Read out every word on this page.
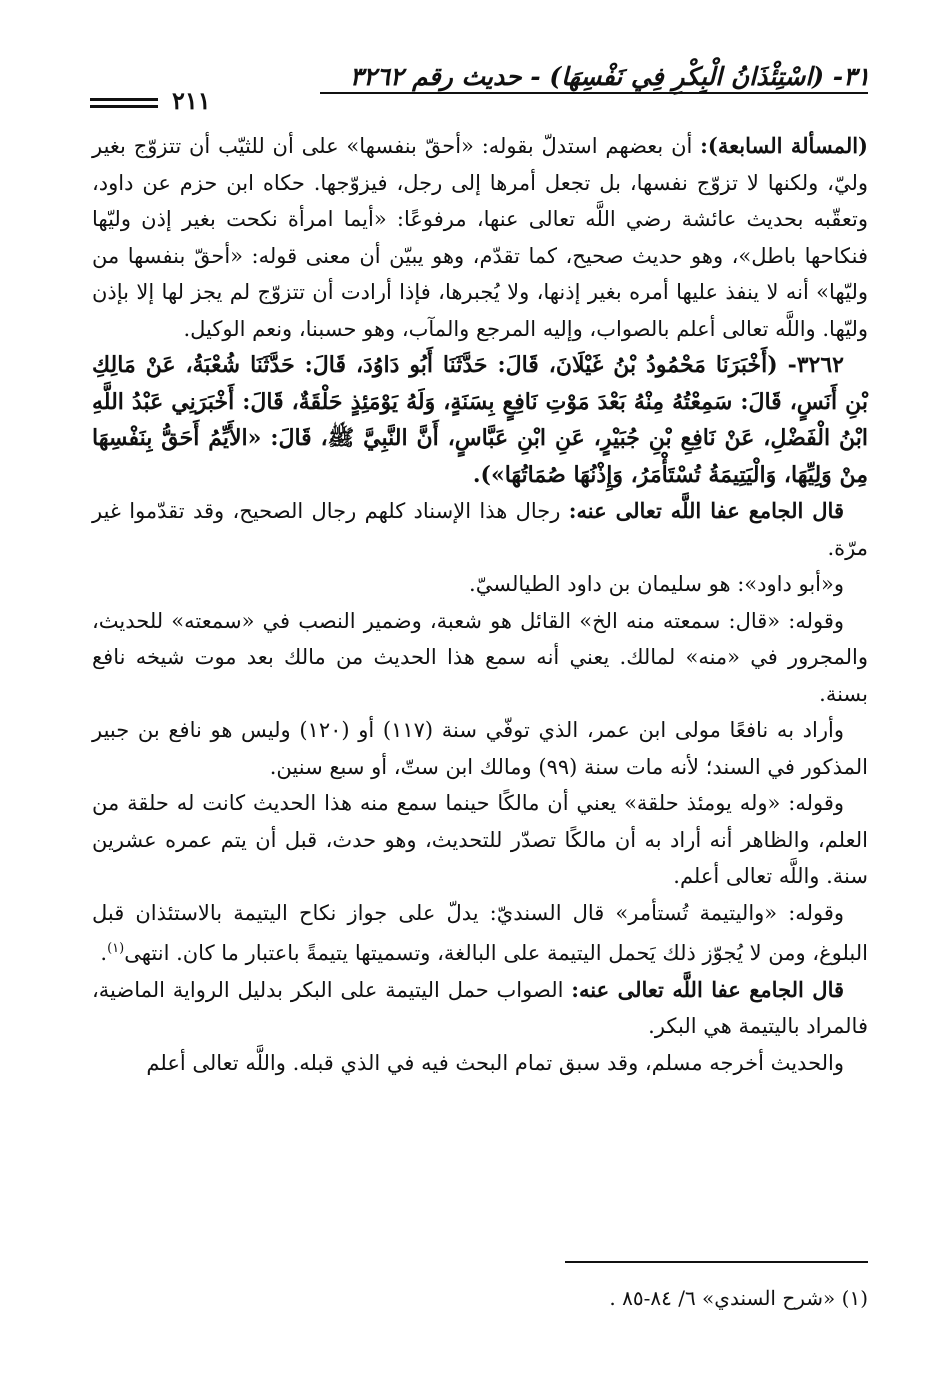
٣١- (اسْتِئْذَانُ الْبِكْرِ فِي نَفْسِهَا) - حديث رقم ٣٢٦٢
٢١١

(المسألة السابعة): أن بعضهم استدلّ بقوله: «أحقّ بنفسها» على أن للثيّب أن تتزوّج بغير وليّ، ولكنها لا تزوّج نفسها، بل تجعل أمرها إلى رجل، فيزوّجها. حكاه ابن حزم عن داود، وتعقّبه بحديث عائشة رضي اللَّه تعالى عنها، مرفوعًا: «أيما امرأة نكحت بغير إذن وليّها فنكاحها باطل»، وهو حديث صحيح، كما تقدّم، وهو يبيّن أن معنى قوله: «أحقّ بنفسها من وليّها» أنه لا ينفذ عليها أمره بغير إذنها، ولا يُجبرها، فإذا أرادت أن تتزوّج لم يجز لها إلا بإذن وليّها. واللَّه تعالى أعلم بالصواب، وإليه المرجع والمآب، وهو حسبنا، ونعم الوكيل.

٣٢٦٢- (أَخْبَرَنَا مَحْمُودُ بْنُ غَيْلَانَ، قَالَ: حَدَّثَنَا أَبُو دَاوُدَ، قَالَ: حَدَّثَنَا شُعْبَةُ، عَنْ مَالِكِ بْنِ أَنَسٍ، قَالَ: سَمِعْتُهُ مِنْهُ بَعْدَ مَوْتِ نَافِعٍ بِسَنَةٍ، وَلَهُ يَوْمَئِذٍ حَلْقَةٌ، قَالَ: أَخْبَرَنِي عَبْدُ اللَّهِ ابْنُ الْفَضْلِ، عَنْ نَافِعِ بْنِ جُبَيْرٍ، عَنِ ابْنِ عَبَّاسٍ، أَنَّ النَّبِيَّ ﷺ، قَالَ: «الأَيِّمُ أَحَقُّ بِنَفْسِهَا مِنْ وَلِيِّهَا، وَالْيَتِيمَةُ تُسْتَأْمَرُ، وَإِذْنُهَا صُمَاتُهَا»).

قال الجامع عفا اللَّه تعالى عنه: رجال هذا الإسناد كلهم رجال الصحيح، وقد تقدّموا غير مرّة.

و«أبو داود»: هو سليمان بن داود الطيالسيّ.

وقوله: «قال: سمعته منه الخ» القائل هو شعبة، وضمير النصب في «سمعته» للحديث، والمجرور في «منه» لمالك. يعني أنه سمع هذا الحديث من مالك بعد موت شيخه نافع بسنة.

وأراد به نافعًا مولى ابن عمر، الذي توفّي سنة (١١٧) أو (١٢٠) وليس هو نافع بن جبير المذكور في السند؛ لأنه مات سنة (٩٩) ومالك ابن ستّ، أو سبع سنين.

وقوله: «وله يومئذ حلقة» يعني أن مالكًا حينما سمع منه هذا الحديث كانت له حلقة من العلم، والظاهر أنه أراد به أن مالكًا تصدّر للتحديث، وهو حدث، قبل أن يتم عمره عشرين سنة. واللَّه تعالى أعلم.

وقوله: «واليتيمة تُستأمر» قال السنديّ: يدلّ على جواز نكاح اليتيمة بالاستئذان قبل البلوغ، ومن لا يُجوّز ذلك يَحمل اليتيمة على البالغة، وتسميتها يتيمةً باعتبار ما كان. انتهى$^{(١)}$.

قال الجامع عفا اللَّه تعالى عنه: الصواب حمل اليتيمة على البكر بدليل الرواية الماضية، فالمراد باليتيمة هي البكر.

والحديث أخرجه مسلم، وقد سبق تمام البحث فيه في الذي قبله. واللَّه تعالى أعلم

(١) «شرح السندي» ٦/ ٨٤-٨٥ .
